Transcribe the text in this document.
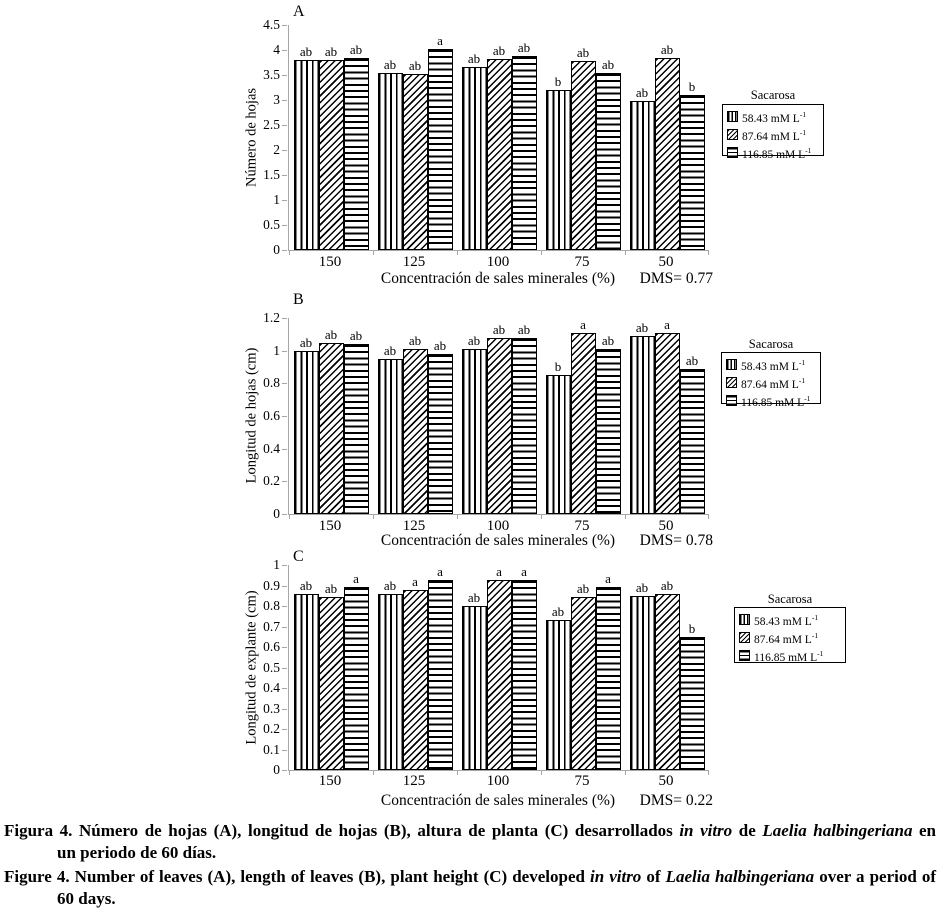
A
Número de hojas
0
0.5
1
1.5
2
2.5
3
3.5
4
4.5
ab ab ab
ab ab
a
ab
ab ab
b
ab
ab
ab
ab
b
150	125	100	75	50
Concentración de sales minerales (%)	DMS= 0.77
Sacarosa
58.43 mM $L^{-1}$
87.64 mM $L^{-1}$
116.85 mM $L^{-1}$
B
Longitud de hojas (cm)
0
0.2
0.4
0.6
0.8
1
1.2
ab
ab ab
ab
ab ab ab
ab ab
b
a
ab
ab a
ab
150	125	100	75	50
Concentración de sales minerales (%)	DMS= 0.78
Sacarosa
58.43 mM $L^{-1}$
87.64 mM $L^{-1}$
116.85 mM $L^{-1}$
C
Longitud de explante (cm)
0
0.1
0.2
0.3
0.4
0.5
0.6
0.7
0.8
0.9
1
ab ab
a ab a
a
ab
a a
ab
ab
a
ab ab
b
150	125	100	75	50
Concentración de sales minerales (%)	DMS= 0.22
Sacarosa
58.43 mM $L^{-1}$
87.64 mM $L^{-1}$
116.85 mM $L^{-1}$
Figura 4. Número de hojas (A), longitud de hojas (B), altura de planta (C) desarrollados in vitro de Laelia halbingeriana en
un periodo de 60 días.
Figure 4. Number of leaves (A), length of leaves (B), plant height (C) developed in vitro of Laelia halbingeriana over a period of
60 days.
